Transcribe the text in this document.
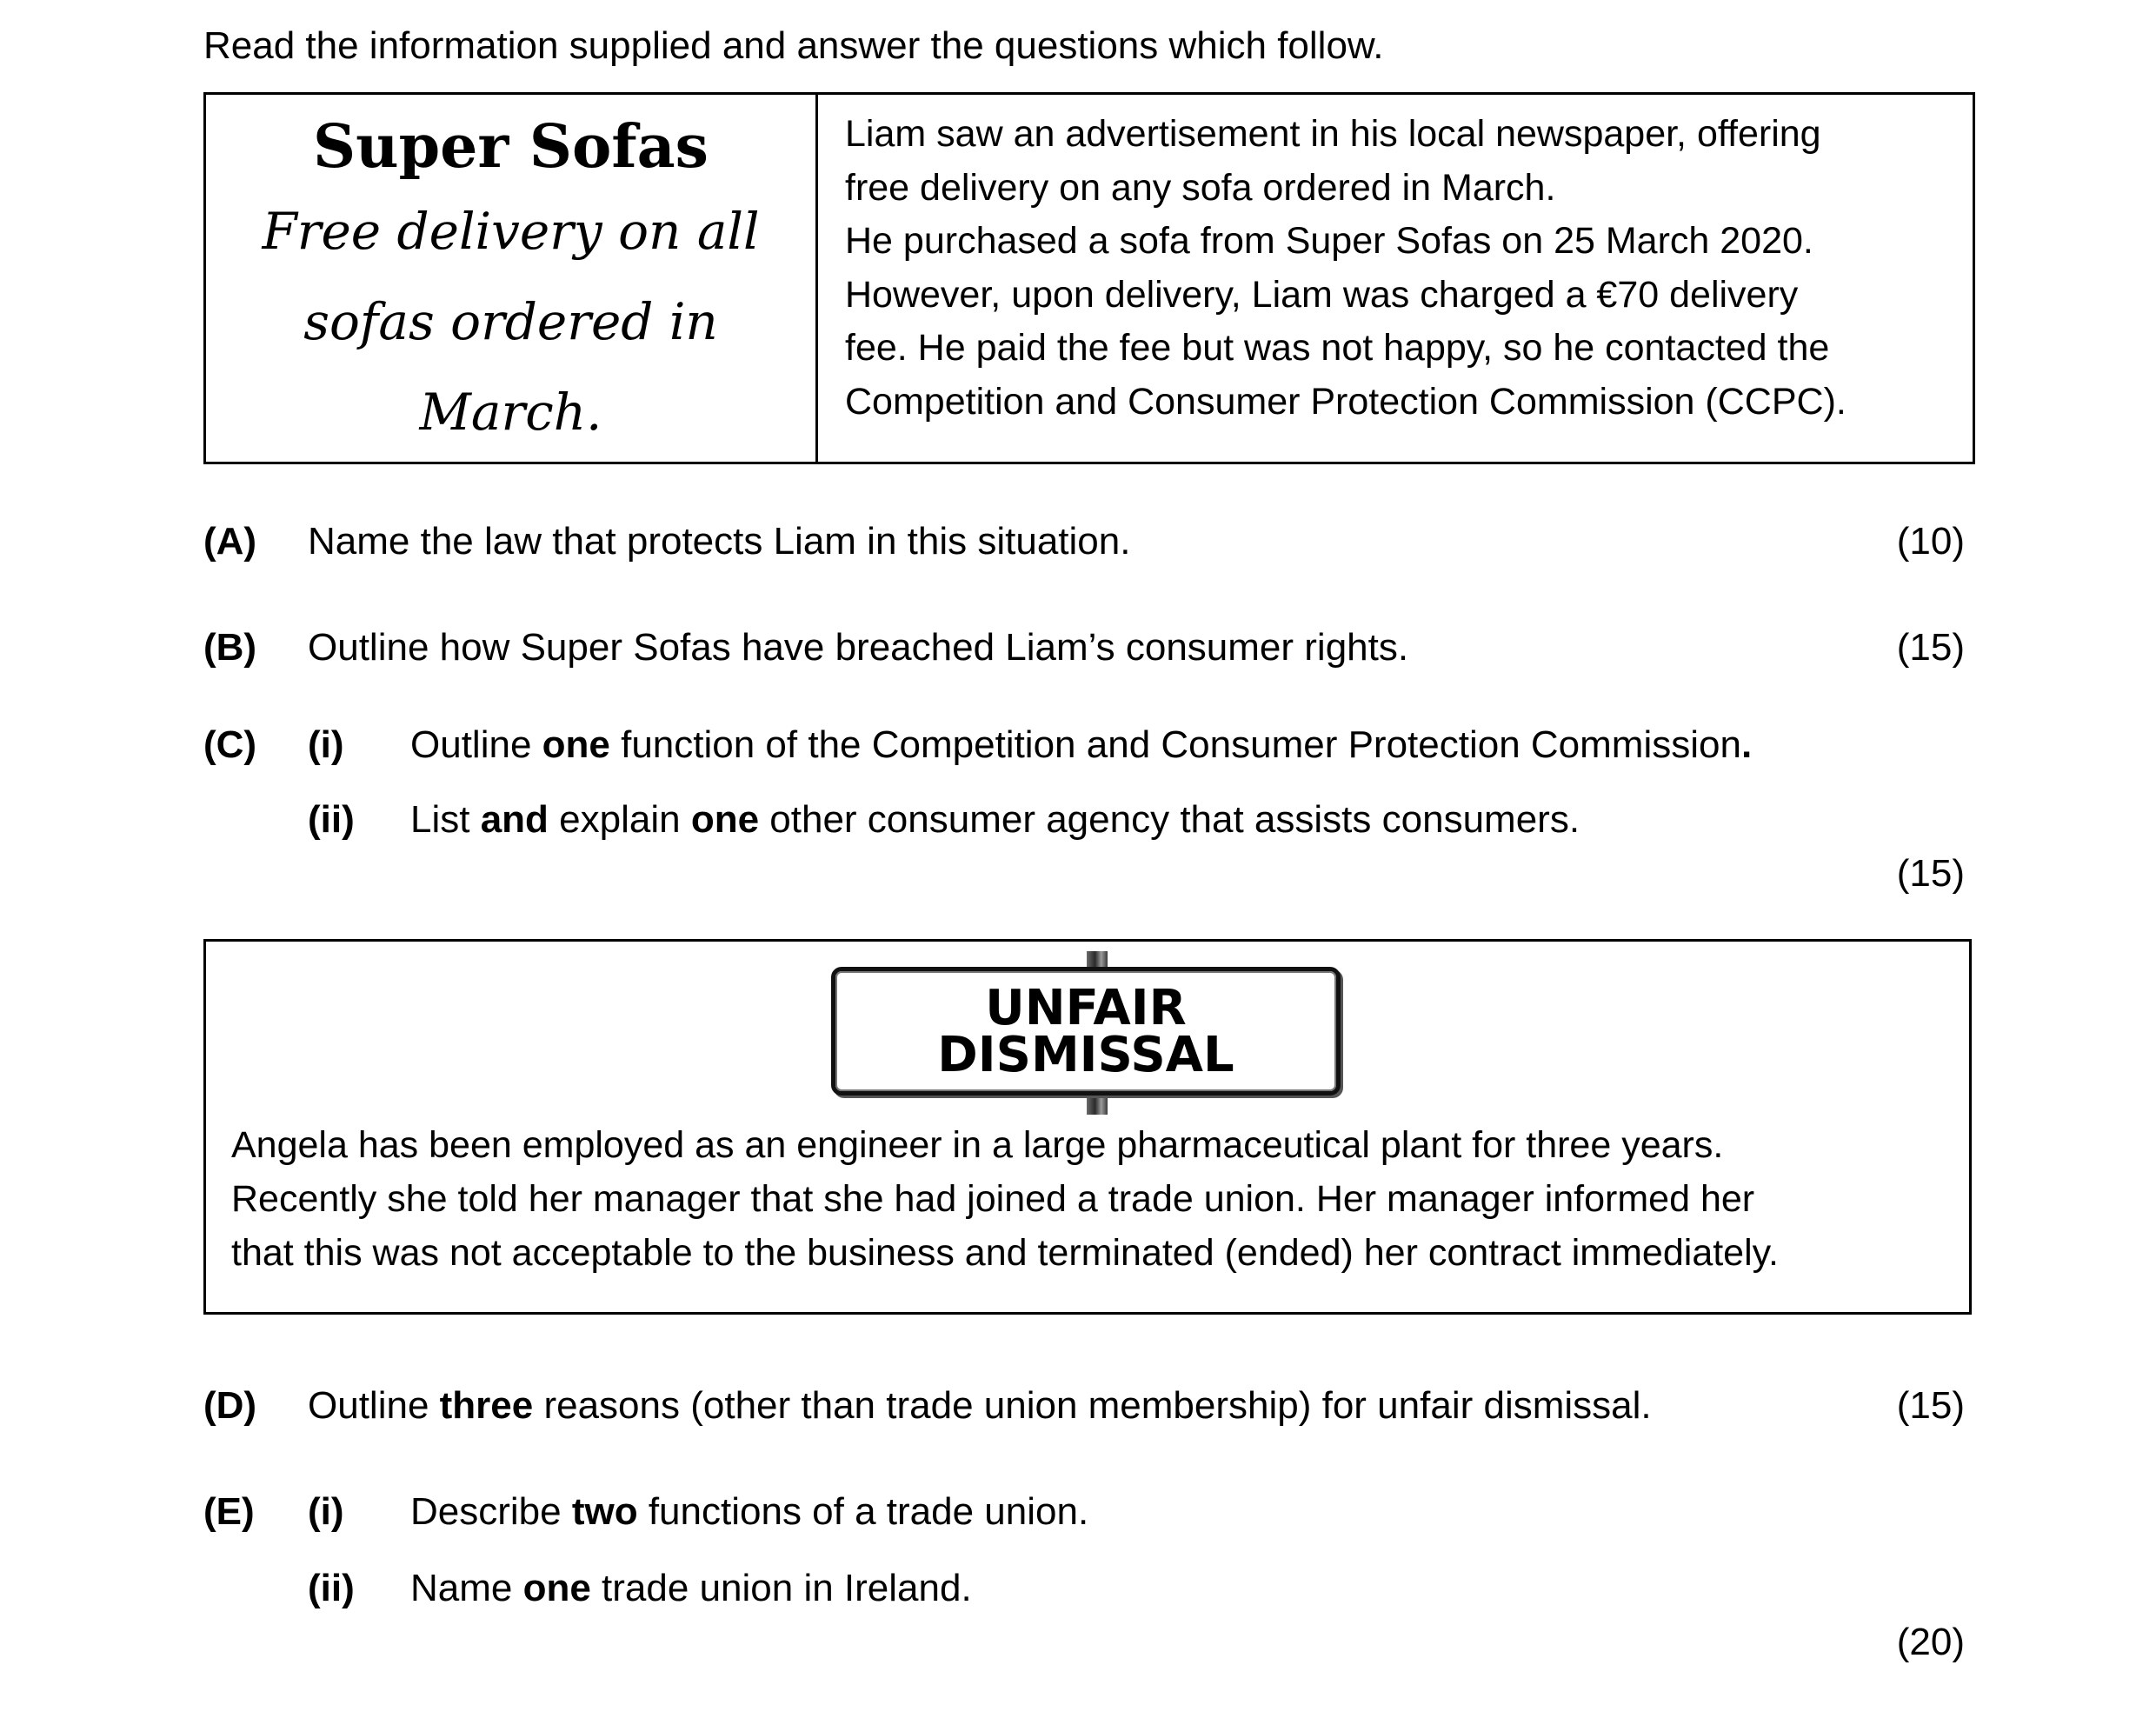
Read the information supplied and answer the questions which follow.
Super Sofas
Free delivery on all
sofas ordered in
March.
Liam saw an advertisement in his local newspaper, offering
free delivery on any sofa ordered in March.
He purchased a sofa from Super Sofas on 25 March 2020.
However, upon delivery, Liam was charged a €70 delivery
fee. He paid the fee but was not happy, so he contacted the
Competition and Consumer Protection Commission (CCPC).
(A) Name the law that protects Liam in this situation.	(10)
(B) Outline how Super Sofas have breached Liam’s consumer rights.	(15)
(C) (i) Outline one function of the Competition and Consumer Protection Commission.
(ii) List and explain one other consumer agency that assists consumers.
(15)
UNFAIR
DISMISSAL
Angela has been employed as an engineer in a large pharmaceutical plant for three years.
Recently she told her manager that she had joined a trade union. Her manager informed her
that this was not acceptable to the business and terminated (ended) her contract immediately.
(D) Outline three reasons (other than trade union membership) for unfair dismissal.	(15)
(E) (i) Describe two functions of a trade union.
(ii) Name one trade union in Ireland.
(20)
